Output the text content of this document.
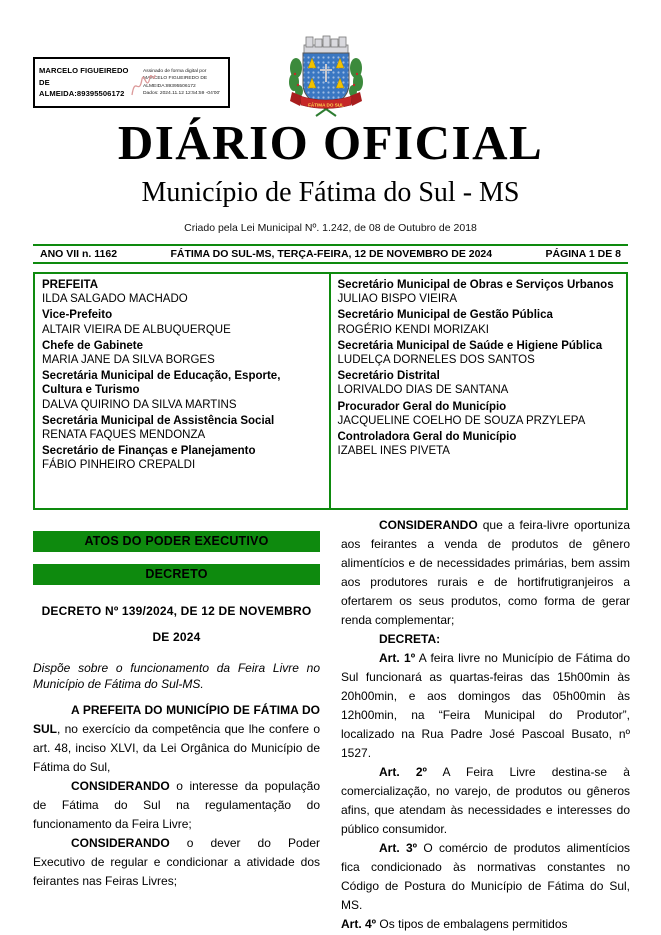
MARCELO FIGUEIREDO DE ALMEIDA:89395506172
Assinado de forma digital por
MARCELO FIGUEIREDO DE
ALMEIDA:89395506172
Dados: 2024.11.12 12:54:59 -04'00'
FÁTIMA DO SUL
DIÁRIO OFICIAL
Município de Fátima do Sul - MS
Criado pela Lei Municipal Nº. 1.242, de 08 de Outubro de 2018
ANO VII n. 1162	FÁTIMA DO SUL-MS, TERÇA-FEIRA, 12 DE NOVEMBRO DE 2024	PÁGINA 1 DE 8
PREFEITA
ILDA SALGADO MACHADO
Vice-Prefeito
ALTAIR VIEIRA DE ALBUQUERQUE
Chefe de Gabinete
MARIA JANE DA SILVA BORGES
Secretária Municipal de Educação, Esporte, Cultura e Turismo
DALVA QUIRINO DA SILVA MARTINS
Secretária Municipal de Assistência Social
RENATA FAQUES MENDONZA
Secretário de Finanças e Planejamento
FÁBIO PINHEIRO CREPALDI
Secretário Municipal de Obras e Serviços Urbanos
JULIAO BISPO VIEIRA
Secretário Municipal de Gestão Pública
ROGÉRIO KENDI MORIZAKI
Secretária Municipal de Saúde e Higiene Pública
LUDELÇA DORNELES DOS SANTOS
Secretário Distrital
LORIVALDO DIAS DE SANTANA
Procurador Geral do Município
JACQUELINE COELHO DE SOUZA PRZYLEPA
Controladora Geral do Município
IZABEL INES PIVETA
ATOS DO PODER EXECUTIVO
DECRETO
DECRETO Nº 139/2024, DE 12 DE NOVEMBRO DE 2024

Dispõe sobre o funcionamento da Feira Livre no Município de Fátima do Sul-MS.

A PREFEITA DO MUNICÍPIO DE FÁTIMA DO SUL, no exercício da competência que lhe confere o art. 48, inciso XLVI, da Lei Orgânica do Município de Fátima do Sul,

CONSIDERANDO o interesse da população de Fátima do Sul na regulamentação do funcionamento da Feira Livre;

CONSIDERANDO o dever do Poder Executivo de regular e condicionar a atividade dos feirantes nas Feiras Livres;

CONSIDERANDO que a feira-livre oportuniza aos feirantes a venda de produtos de gênero alimentícios e de necessidades primárias, bem assim aos produtores rurais e de hortifrutigranjeiros a ofertarem os seus produtos, como forma de gerar renda complementar;

DECRETA:

Art. 1º A feira livre no Município de Fátima do Sul funcionará as quartas-feiras das 15h00min às 20h00min, e aos domingos das 05h00min às 12h00min, na “Feira Municipal do Produtor”, localizado na Rua Padre José Pascoal Busato, nº 1527.

Art. 2º A Feira Livre destina-se à comercialização, no varejo, de produtos ou gêneros afins, que atendam às necessidades e interesses do público consumidor.

Art. 3º O comércio de produtos alimentícios fica condicionado às normativas constantes no Código de Postura do Município de Fátima do Sul, MS.

Art. 4º Os tipos de embalagens permitidos
